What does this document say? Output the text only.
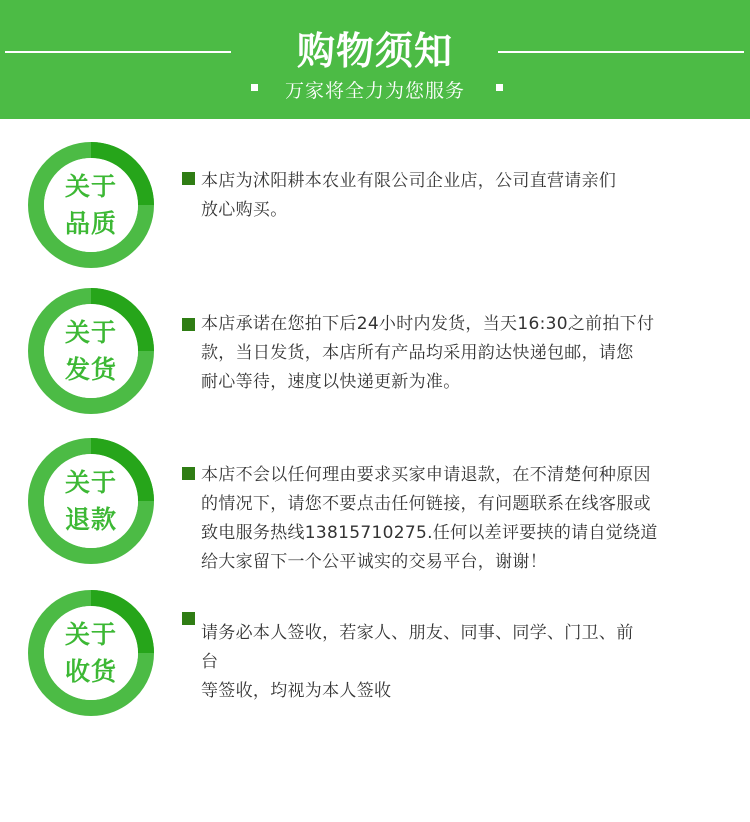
购物须知
万家将全力为您服务
关于
品质

本店为沭阳耕本农业有限公司企业店，公司直营请亲们

放心购买。

关于
发货

本店承诺在您拍下后24小时内发货，当天16:30之前拍下付

款，当日发货，本店所有产品均采用韵达快递包邮，请您

耐心等待，速度以快递更新为准。

关于
退款

本店不会以任何理由要求买家申请退款，在不清楚何种原因

的情况下，请您不要点击任何链接，有问题联系在线客服或

致电服务热线13815710275.任何以差评要挟的请自觉绕道

给大家留下一个公平诚实的交易平台，谢谢！

关于
收货

请务必本人签收，若家人、朋友、同事、同学、门卫、前

台

等签收，均视为本人签收
